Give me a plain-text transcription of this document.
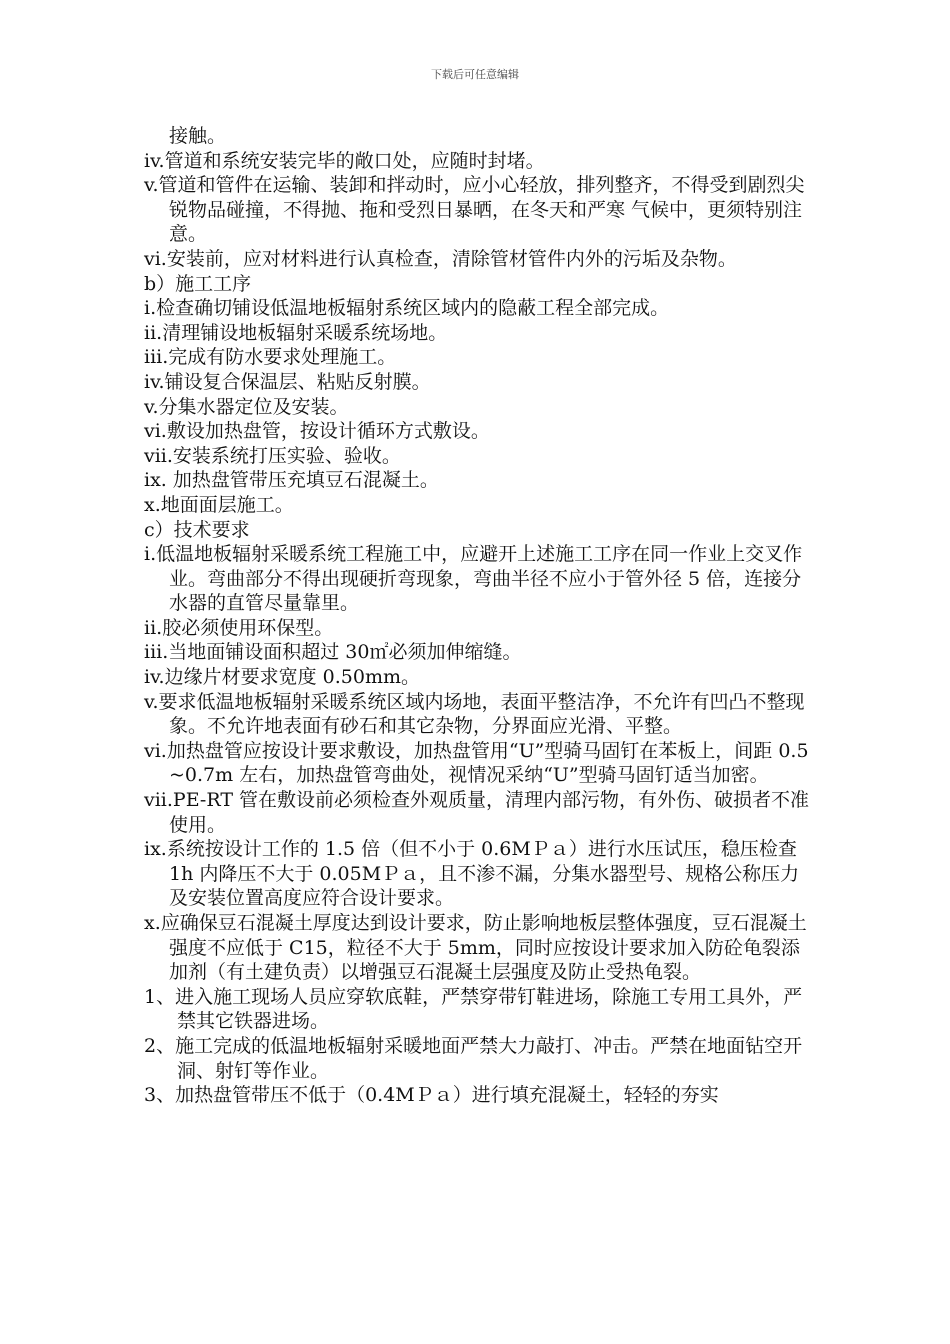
下载后可任意编辑

接触。

iv.管道和系统安装完毕的敞口处，应随时封堵。

v.管道和管件在运输、装卸和拌动时，应小心轻放，排列整齐，不得受到剧烈尖锐物品碰撞，不得抛、拖和受烈日暴晒，在冬天和严寒 气候中，更须特别注意。

vi.安装前，应对材料进行认真检查，清除管材管件内外的污垢及杂物。

b）施工工序

i.检查确切铺设低温地板辐射系统区域内的隐蔽工程全部完成。

ii.清理铺设地板辐射采暖系统场地。

iii.完成有防水要求处理施工。

iv.铺设复合保温层、粘贴反射膜。

v.分集水器定位及安装。

vi.敷设加热盘管，按设计循环方式敷设。

vii.安装系统打压实验、验收。

ix. 加热盘管带压充填豆石混凝土。

x.地面面层施工。

c）技术要求

i.低温地板辐射采暖系统工程施工中，应避开上述施工工序在同一作业上交叉作业。弯曲部分不得出现硬折弯现象，弯曲半径不应小于管外径 5 倍，连接分水器的直管尽量靠里。

ii.胶必须使用环保型。

iii.当地面铺设面积超过 30㎡必须加伸缩缝。

iv.边缘片材要求宽度 0.50mm。

v.要求低温地板辐射采暖系统区域内场地，表面平整洁净，不允许有凹凸不整现象。不允许地表面有砂石和其它杂物，分界面应光滑、平整。

vi.加热盘管应按设计要求敷设，加热盘管用“U”型骑马固钉在苯板上，间距 0.5~0.7m 左右，加热盘管弯曲处，视情况采纳“U”型骑马固钉适当加密。

vii.PE-RT 管在敷设前必须检查外观质量，清理内部污物，有外伤、破损者不准使用。

ix.系统按设计工作的 1.5 倍（但不小于 0.6MＰａ）进行水压试压，稳压检查 1h 内降压不大于 0.05MＰａ，且不渗不漏，分集水器型号、规格公称压力及安装位置高度应符合设计要求。

x.应确保豆石混凝土厚度达到设计要求，防止影响地板层整体强度，豆石混凝土强度不应低于 C15，粒径不大于 5mm，同时应按设计要求加入防砼龟裂添加剂（有土建负责）以增强豆石混凝土层强度及防止受热龟裂。

1、进入施工现场人员应穿软底鞋，严禁穿带钉鞋进场，除施工专用工具外，严禁其它铁器进场。

2、施工完成的低温地板辐射采暖地面严禁大力敲打、冲击。严禁在地面钻空开洞、射钉等作业。

3、加热盘管带压不低于（0.4MＰａ）进行填充混凝土，轻轻的夯实
